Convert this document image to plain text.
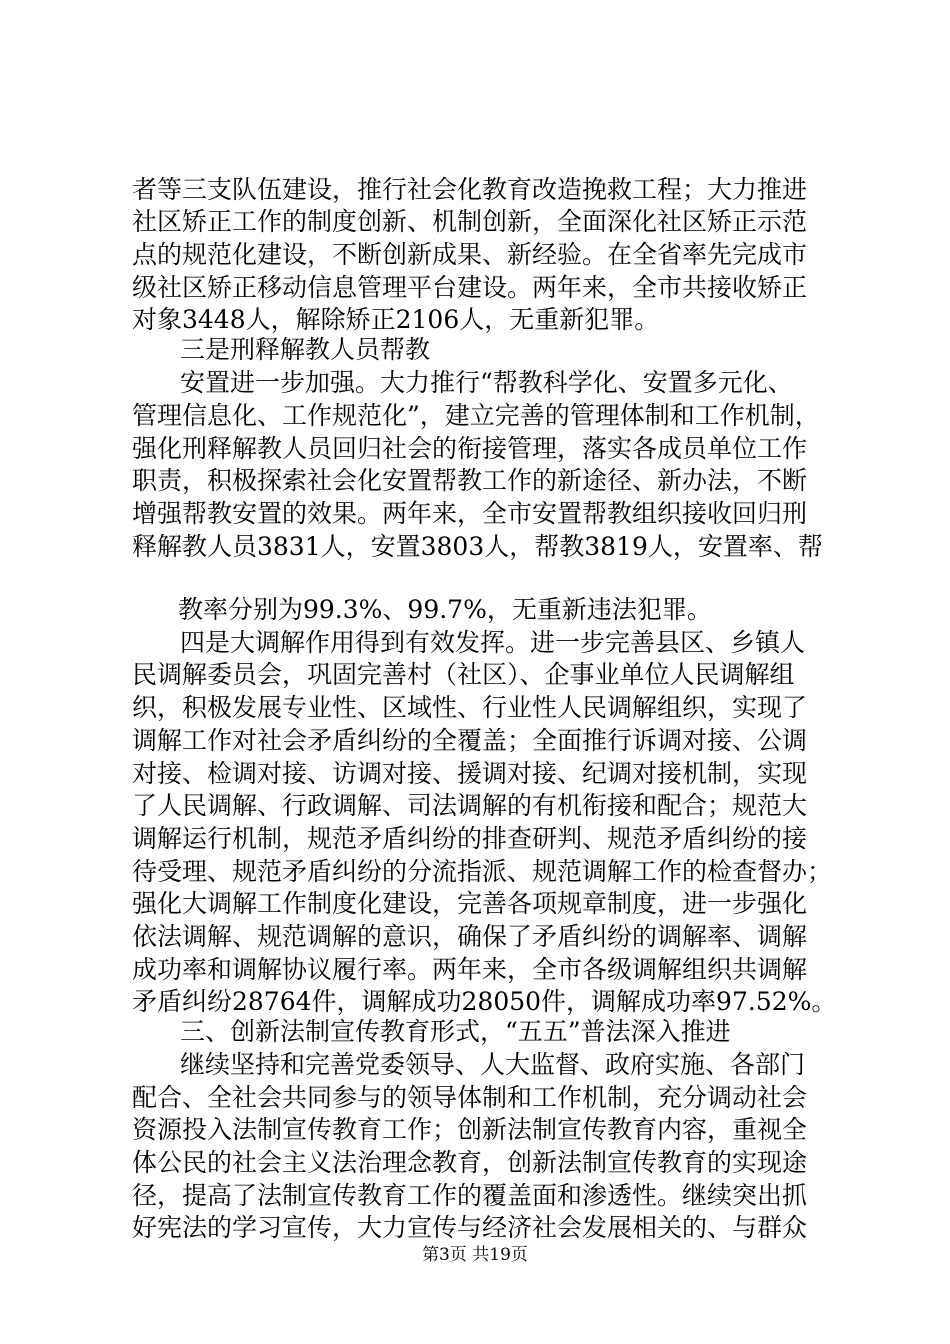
者等三支队伍建设，推行社会化教育改造挽救工程；大力推进
社区矫正工作的制度创新、机制创新，全面深化社区矫正示范
点的规范化建设，不断创新成果、新经验。在全省率先完成市
级社区矫正移动信息管理平台建设。两年来，全市共接收矫正
对象3448人，解除矫正2106人，无重新犯罪。
三是刑释解教人员帮教
安置进一步加强。大力推行“帮教科学化、安置多元化、
管理信息化、工作规范化”，建立完善的管理体制和工作机制，
强化刑释解教人员回归社会的衔接管理，落实各成员单位工作
职责，积极探索社会化安置帮教工作的新途径、新办法，不断
增强帮教安置的效果。两年来，全市安置帮教组织接收回归刑
释解教人员3831人，安置3803人，帮教3819人，安置率、帮
教率分别为99.3%、99.7%，无重新违法犯罪。
四是大调解作用得到有效发挥。进一步完善县区、乡镇人
民调解委员会，巩固完善村（社区）、企事业单位人民调解组
织，积极发展专业性、区域性、行业性人民调解组织，实现了
调解工作对社会矛盾纠纷的全覆盖；全面推行诉调对接、公调
对接、检调对接、访调对接、援调对接、纪调对接机制，实现
了人民调解、行政调解、司法调解的有机衔接和配合；规范大
调解运行机制，规范矛盾纠纷的排查研判、规范矛盾纠纷的接
待受理、规范矛盾纠纷的分流指派、规范调解工作的检查督办；
强化大调解工作制度化建设，完善各项规章制度，进一步强化
依法调解、规范调解的意识，确保了矛盾纠纷的调解率、调解
成功率和调解协议履行率。两年来，全市各级调解组织共调解
矛盾纠纷28764件，调解成功28050件，调解成功率97.52%。
三、创新法制宣传教育形式，“五五”普法深入推进
继续坚持和完善党委领导、人大监督、政府实施、各部门
配合、全社会共同参与的领导体制和工作机制，充分调动社会
资源投入法制宣传教育工作；创新法制宣传教育内容，重视全
体公民的社会主义法治理念教育，创新法制宣传教育的实现途
径，提高了法制宣传教育工作的覆盖面和渗透性。继续突出抓
好宪法的学习宣传，大力宣传与经济社会发展相关的、与群众
第3页 共19页
